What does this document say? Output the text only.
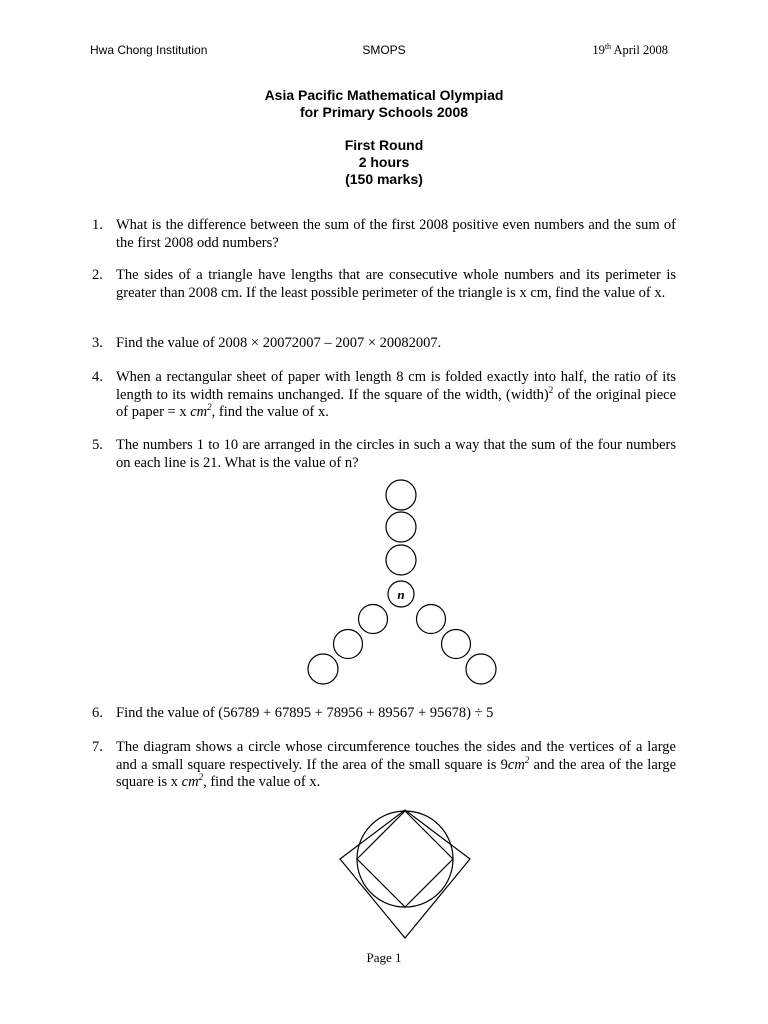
Hwa Chong Institution	SMOPS	19th April 2008
Asia Pacific Mathematical Olympiad
for Primary Schools 2008
First Round
2 hours
(150 marks)
1. What is the difference between the sum of the first 2008 positive even numbers and the sum of the first 2008 odd numbers?
2. The sides of a triangle have lengths that are consecutive whole numbers and its perimeter is greater than 2008 cm. If the least possible perimeter of the triangle is x cm, find the value of x.
3. Find the value of 2008 × 20072007 – 2007 × 20082007.
4. When a rectangular sheet of paper with length 8 cm is folded exactly into half, the ratio of its length to its width remains unchanged. If the square of the width, (width)$^2$ of the original piece of paper = x $cm^2$, find the value of x.
5. The numbers 1 to 10 are arranged in the circles in such a way that the sum of the four numbers on each line is 21. What is the value of n?
n
6. Find the value of (56789 + 67895 + 78956 + 89567 + 95678) ÷ 5
7. The diagram shows a circle whose circumference touches the sides and the vertices of a large and a small square respectively. If the area of the small square is $9cm^2$ and the area of the large square is x $cm^2$, find the value of x.
Page 1
